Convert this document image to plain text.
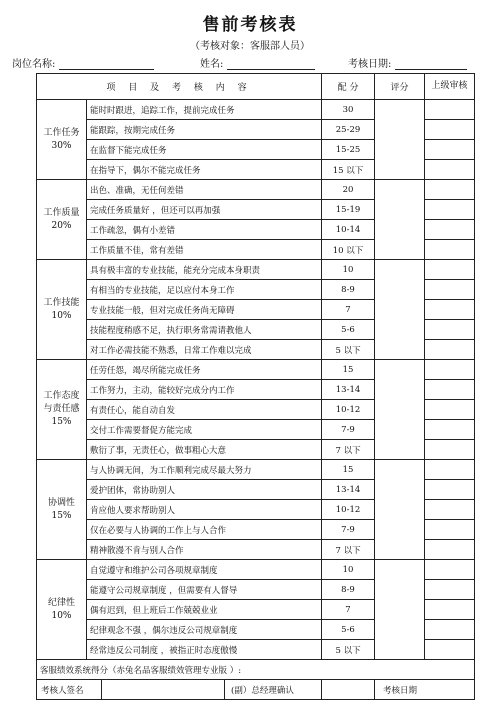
售前考核表
（考核对象：客服部人员）
岗位名称:	姓名:	考核日期:
项 目 及 考 核 内 容		配 分	评分	上级审核

工作任务
30%	能时时跟进，追踪工作，提前完成任务	30		
	能跟踪，按期完成任务	25-29		
	在监督下能完成任务	15-25		
	在指导下，偶尔不能完成任务	15 以下		

工作质量
20%	出色、准确，无任何差错	20		
	完成任务质量好 ，但还可以再加强	15-19		
	工作疏忽，偶有小差错	10-14		
	工作质量不佳，常有差错	10 以下		

工作技能
10%	具有极丰富的专业技能，能充分完成本身职责	10		
	有相当的专业技能，足以应付本身工作	8-9		
	专业技能一般，但对完成任务尚无障碍	7		
	技能程度稍感不足，执行职务常需请教他人	5-6		
	对工作必需技能不熟悉，日常工作难以完成	5 以下		

工作态度
与责任感
15%	任劳任怨，竭尽所能完成任务	15		
	工作努力，主动，能较好完成分内工作	13-14		
	有责任心，能自动自发	10-12		
	交付工作需要督促方能完成	7-9		
	敷衍了事，无责任心，做事粗心大意	7 以下		

协调性
15%	与人协调无间，为工作顺利完成尽最大努力	15		
	爱护团体，常协助别人	13-14		
	肯应他人要求帮助别人	10-12		
	仅在必要与人协调的工作上与人合作	7-9		
	精神散漫不肯与别人合作	7 以下		

纪律性
10%	自觉遵守和维护公司各项规章制度	10		
	能遵守公司规章制度 ，但需要有人督导	8-9		
	偶有迟到，但上班后工作兢兢业业	7		
	纪律观念不强 ，偶尔违反公司规章制度	5-6		
	经常违反公司制度 ，被指正时态度傲慢	5 以下		
客服绩效系统得分（赤兔名品客服绩效管理专业版 ）:				

考核人签名 (副）总经理确认			考核日期	
